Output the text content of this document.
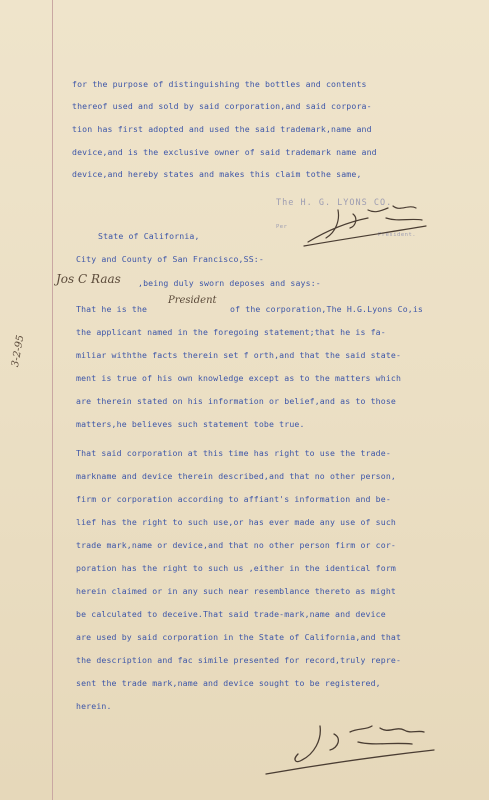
for the purpose of distinguishing the bottles and contents
thereof used and sold by said corporation,and said corpora-
tion has first adopted and used the said trademark,name and
device,and is the exclusive owner of said trademark name and
device,and hereby states and makes this claim tothe same,
The H. G. LYONS CO.
Per
President.
State of California,
City and County of San Francisco,SS:-
Jos C Raas ,being duly sworn deposes and says:-
That he is the
President
of the corporation,The H.G.Lyons Co,is
the applicant named in the foregoing statement;that he is fa-
miliar withthe facts therein set f orth,and that the said state-
ment is true of his own knowledge except as to the matters which
are therein stated on his information or belief,and as to those
matters,he believes such statement tobe true.
3-2-95
That said corporation at this time has right to use the trade-
markname and device therein described,and that no other person,
firm or corporation according to affiant's information and be-
lief has the right to such use,or has ever made any use of such
trade mark,name or device,and that no other person firm or cor-
poration has the right to such us ,either in the identical form
herein claimed or in any such near resemblance thereto as might
be calculated to deceive.That said trade-mark,name and device
are used by said corporation in the State of California,and that
the description and fac simile presented for record,truly repre-
sent the trade mark,name and device sought to be registered,
herein.
